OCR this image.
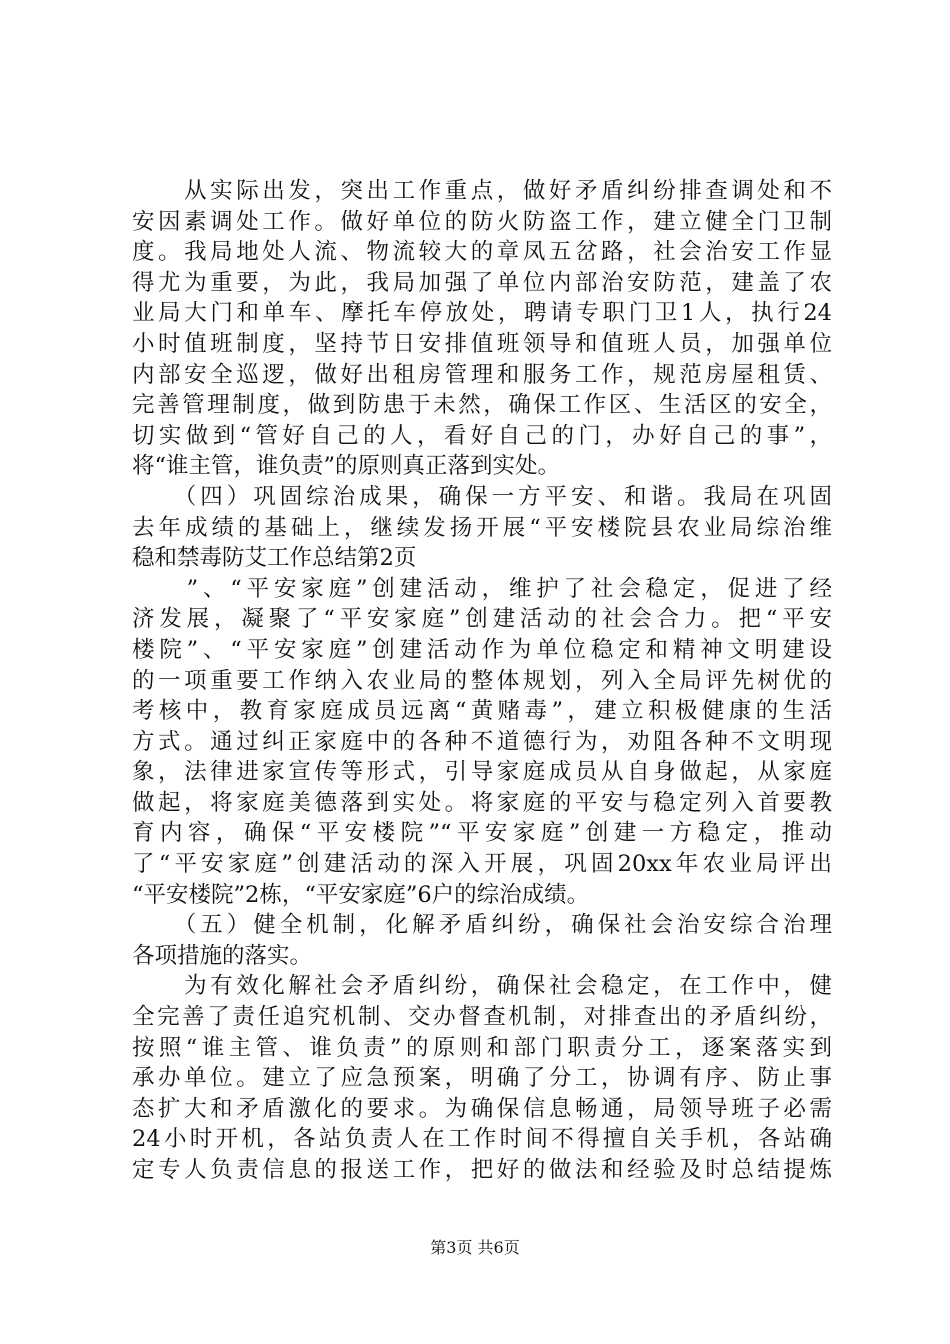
　　从实际出发，突出工作重点，做好矛盾纠纷排查调处和不
安因素调处工作。做好单位的防火防盗工作，建立健全门卫制
度。我局地处人流、物流较大的章凤五岔路，社会治安工作显
得尤为重要，为此，我局加强了单位内部治安防范，建盖了农
业局大门和单车、摩托车停放处，聘请专职门卫1人，执行24
小时值班制度，坚持节日安排值班领导和值班人员，加强单位
内部安全巡逻，做好出租房管理和服务工作，规范房屋租赁、
完善管理制度，做到防患于未然，确保工作区、生活区的安全，
切实做到“管好自己的人，看好自己的门，办好自己的事”，
将“谁主管，谁负责”的原则真正落到实处。
　　（四）巩固综治成果，确保一方平安、和谐。我局在巩固
去年成绩的基础上，继续发扬开展“平安楼院县农业局综治维
稳和禁毒防艾工作总结第2页
　　”、“平安家庭”创建活动，维护了社会稳定，促进了经
济发展，凝聚了“平安家庭”创建活动的社会合力。把“平安
楼院”、“平安家庭”创建活动作为单位稳定和精神文明建设
的一项重要工作纳入农业局的整体规划，列入全局评先树优的
考核中，教育家庭成员远离“黄赌毒”，建立积极健康的生活
方式。通过纠正家庭中的各种不道德行为，劝阻各种不文明现
象，法律进家宣传等形式，引导家庭成员从自身做起，从家庭
做起，将家庭美德落到实处。将家庭的平安与稳定列入首要教
育内容，确保“平安楼院”“平安家庭”创建一方稳定，推动
了“平安家庭”创建活动的深入开展，巩固20xx年农业局评出
“平安楼院”2栋，“平安家庭”6户的综治成绩。
　　（五）健全机制，化解矛盾纠纷，确保社会治安综合治理
各项措施的落实。
　　为有效化解社会矛盾纠纷，确保社会稳定，在工作中，健
全完善了责任追究机制、交办督查机制，对排查出的矛盾纠纷，
按照“谁主管、谁负责”的原则和部门职责分工，逐案落实到
承办单位。建立了应急预案，明确了分工，协调有序、防止事
态扩大和矛盾激化的要求。为确保信息畅通，局领导班子必需
24小时开机，各站负责人在工作时间不得擅自关手机，各站确
定专人负责信息的报送工作，把好的做法和经验及时总结提炼
第3页 共6页
